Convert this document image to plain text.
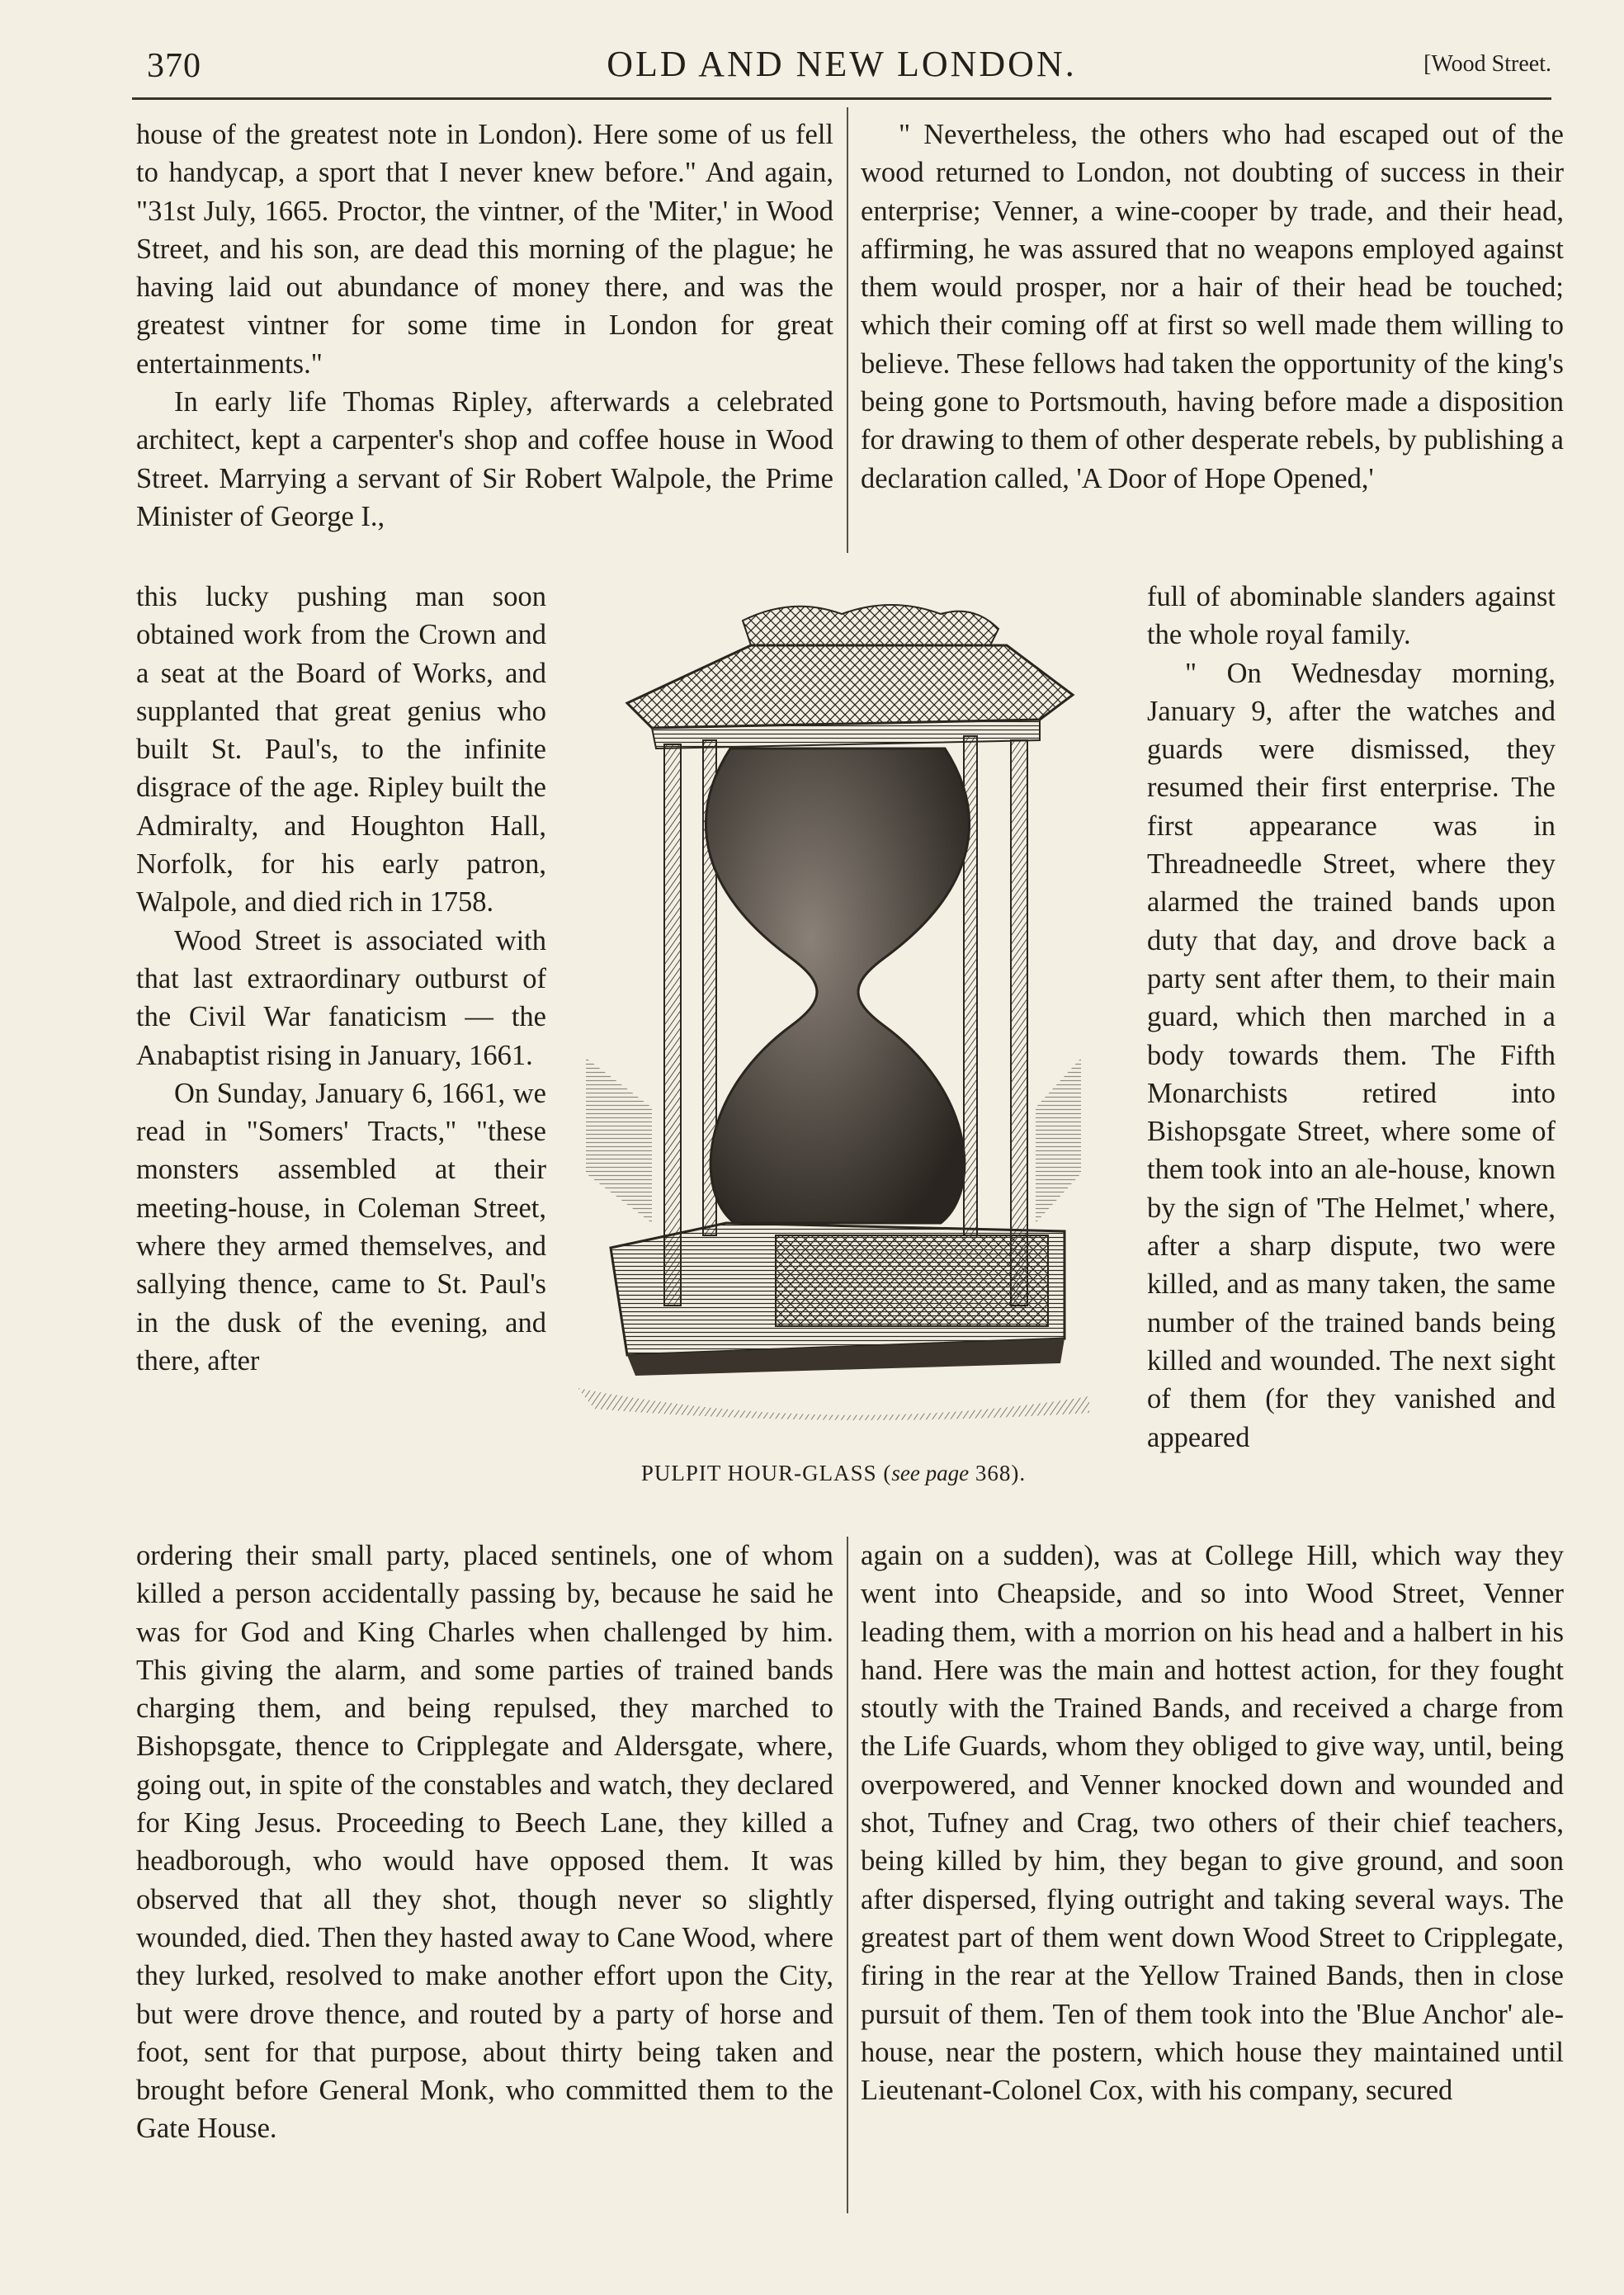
370	OLD AND NEW LONDON.	[Wood Street.

house of the greatest note in London). Here some of us fell to handycap, a sport that I never knew before." And again, "31st July, 1665. Proctor, the vintner, of the 'Miter,' in Wood Street, and his son, are dead this morning of the plague; he having laid out abundance of money there, and was the greatest vintner for some time in London for great entertainments."

In early life Thomas Ripley, afterwards a celebrated architect, kept a carpenter's shop and coffee house in Wood Street. Marrying a servant of Sir Robert Walpole, the Prime Minister of George I.,

this lucky pushing man soon obtained work from the Crown and a seat at the Board of Works, and supplanted that great genius who built St. Paul's, to the infinite disgrace of the age. Ripley built the Admiralty, and Houghton Hall, Norfolk, for his early patron, Walpole, and died rich in 1758.

Wood Street is associated with that last extraordinary outburst of the Civil War fanaticism — the Anabaptist rising in January, 1661.

On Sunday, January 6, 1661, we read in "Somers' Tracts," "these monsters assembled at their meeting-house, in Coleman Street, where they armed themselves, and sallying thence, came to St. Paul's in the dusk of the evening, and there, after

ordering their small party, placed sentinels, one of whom killed a person accidentally passing by, because he said he was for God and King Charles when challenged by him. This giving the alarm, and some parties of trained bands charging them, and being repulsed, they marched to Bishopsgate, thence to Cripplegate and Aldersgate, where, going out, in spite of the constables and watch, they declared for King Jesus. Proceeding to Beech Lane, they killed a headborough, who would have opposed them. It was observed that all they shot, though never so slightly wounded, died. Then they hasted away to Cane Wood, where they lurked, resolved to make another effort upon the City, but were drove thence, and routed by a party of horse and foot, sent for that purpose, about thirty being taken and brought before General Monk, who committed them to the Gate House.

" Nevertheless, the others who had escaped out of the wood returned to London, not doubting of success in their enterprise; Venner, a wine-cooper by trade, and their head, affirming, he was assured that no weapons employed against them would prosper, nor a hair of their head be touched; which their coming off at first so well made them willing to believe. These fellows had taken the opportunity of the king's being gone to Portsmouth, having before made a disposition for drawing to them of other desperate rebels, by publishing a declaration called, 'A Door of Hope Opened,'

full of abominable slanders against the whole royal family.

" On Wednesday morning, January 9, after the watches and guards were dismissed, they resumed their first enterprise. The first appearance was in Threadneedle Street, where they alarmed the trained bands upon duty that day, and drove back a party sent after them, to their main guard, which then marched in a body towards them. The Fifth Monarchists retired into Bishopsgate Street, where some of them took into an ale-house, known by the sign of 'The Helmet,' where, after a sharp dispute, two were killed, and as many taken, the same number of the trained bands being killed and wounded. The next sight of them (for they vanished and appeared

again on a sudden), was at College Hill, which way they went into Cheapside, and so into Wood Street, Venner leading them, with a morrion on his head and a halbert in his hand. Here was the main and hottest action, for they fought stoutly with the Trained Bands, and received a charge from the Life Guards, whom they obliged to give way, until, being overpowered, and Venner knocked down and wounded and shot, Tufney and Crag, two others of their chief teachers, being killed by him, they began to give ground, and soon after dispersed, flying outright and taking several ways. The greatest part of them went down Wood Street to Cripplegate, firing in the rear at the Yellow Trained Bands, then in close pursuit of them. Ten of them took into the 'Blue Anchor' ale-house, near the postern, which house they maintained until Lieutenant-Colonel Cox, with his company, secured

PULPIT HOUR-GLASS (see page 368).
